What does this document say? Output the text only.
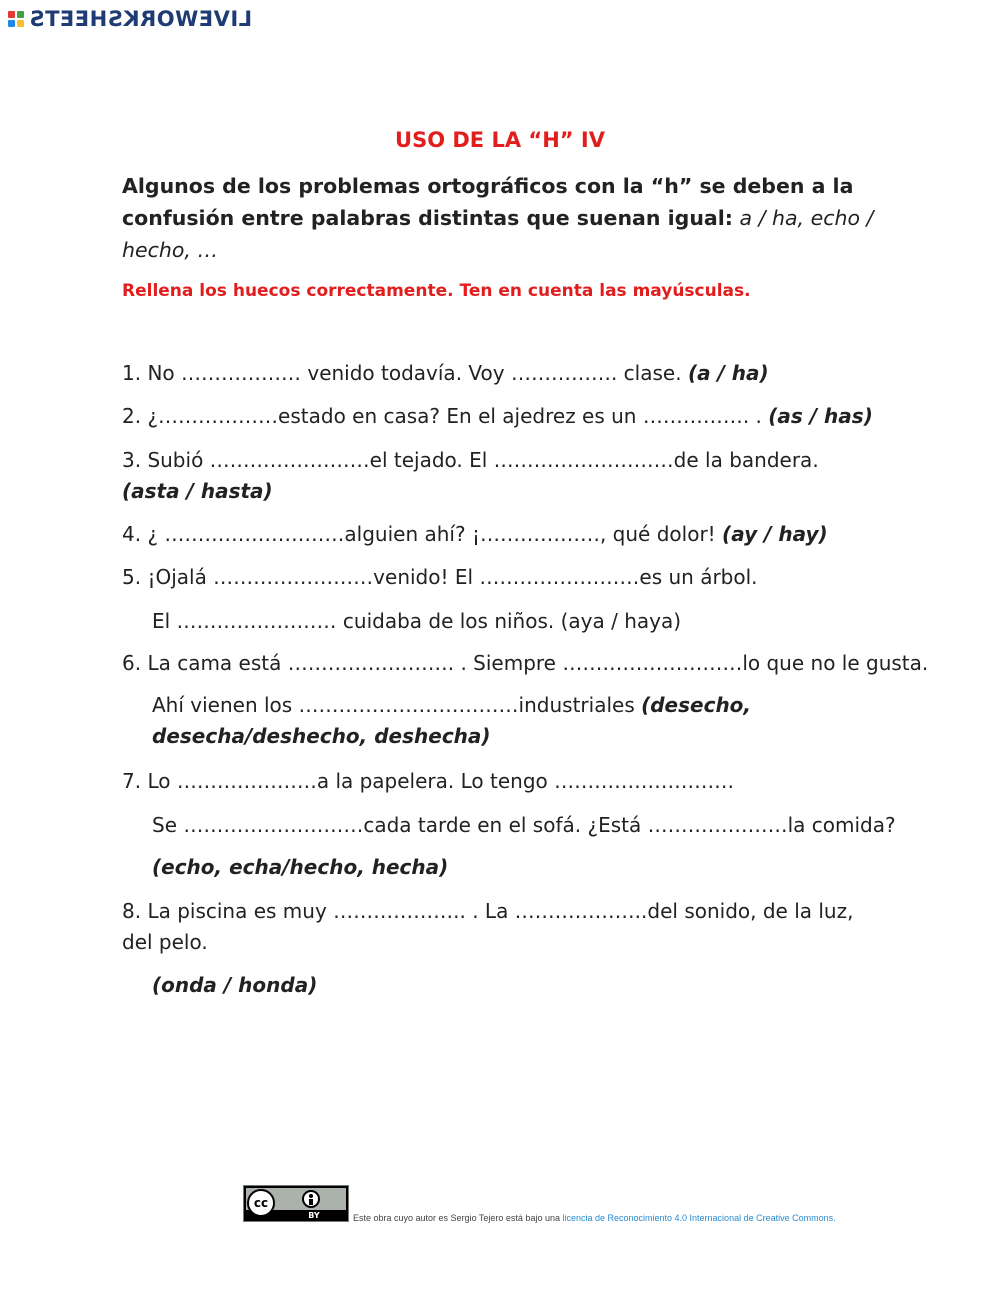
LIVEWORKSHEETS
USO DE LA “H” IV
Algunos de los problemas ortográficos con la “h” se deben a la confusión entre palabras distintas que suenan igual: a / ha, echo / hecho, …
Rellena los huecos correctamente. Ten en cuenta las mayúsculas.
1. No ……………… venido todavía. Voy ……………. clase. (a / ha)
2. ¿………………estado en casa? En el ajedrez es un ……………. . (as / has)
3. Subió ……………………el tejado. El ………………………de la bandera. (asta / hasta)
4. ¿ ………………………alguien ahí? ¡………………, qué dolor! (ay / hay)
5. ¡Ojalá ……………………venido! El ……………………es un árbol.
El …………………… cuidaba de los niños. (aya / haya)
6. La cama está ……………………. . Siempre ………………………lo que no le gusta.
Ahí vienen los ……………………………industriales (desecho, desecha/deshecho, deshecha)
7. Lo …………………a la papelera. Lo tengo ………………………
Se ………………………cada tarde en el sofá. ¿Está …………………la comida?
(echo, echa/hecho, hecha)
8. La piscina es muy ……………….. . La ………………..del sonido, de la luz, del pelo.
(onda / honda)
cc
BY	Este obra cuyo autor es Sergio Tejero está bajo una licencia de Reconocimiento 4.0 Internacional de Creative Commons.
